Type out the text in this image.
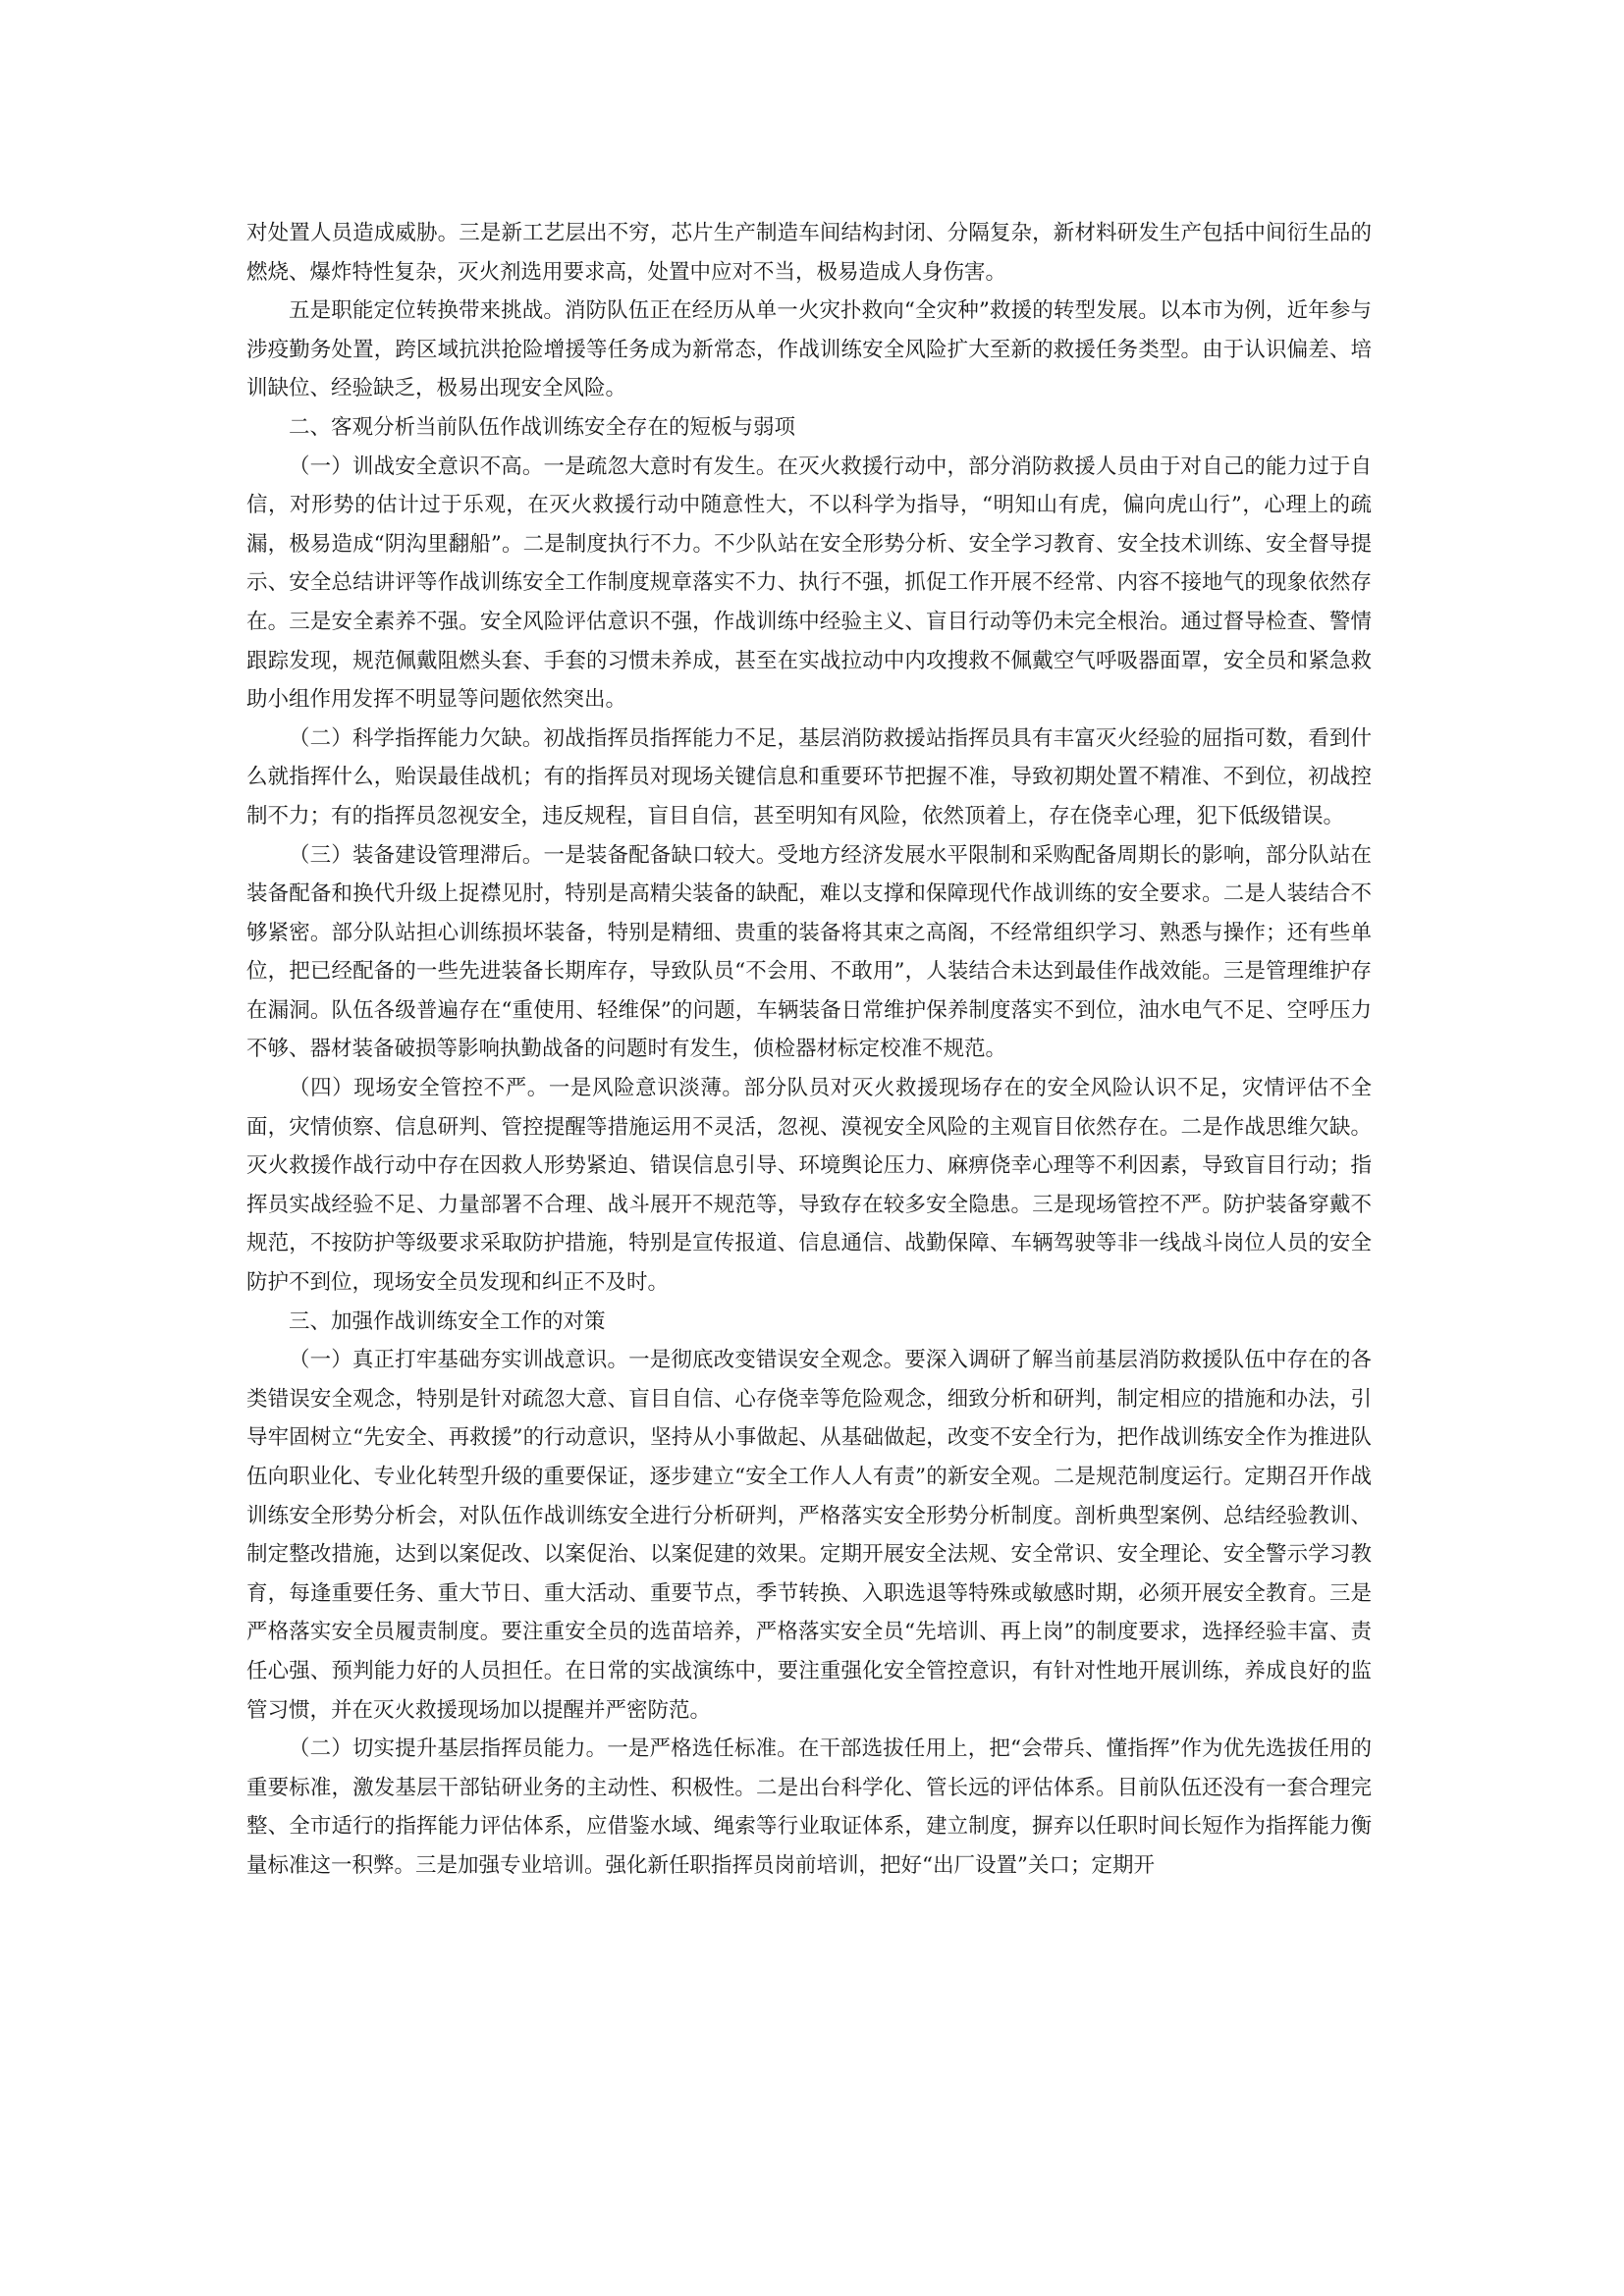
对处置人员造成威胁。三是新工艺层出不穷，芯片生产制造车间结构封闭、分隔复杂，新材料研发生产包括中间衍生品的燃烧、爆炸特性复杂，灭火剂选用要求高，处置中应对不当，极易造成人身伤害。

五是职能定位转换带来挑战。消防队伍正在经历从单一火灾扑救向“全灾种”救援的转型发展。以本市为例，近年参与涉疫勤务处置，跨区域抗洪抢险增援等任务成为新常态，作战训练安全风险扩大至新的救援任务类型。由于认识偏差、培训缺位、经验缺乏，极易出现安全风险。

二、客观分析当前队伍作战训练安全存在的短板与弱项

（一）训战安全意识不高。一是疏忽大意时有发生。在灭火救援行动中，部分消防救援人员由于对自己的能力过于自信，对形势的估计过于乐观，在灭火救援行动中随意性大，不以科学为指导，“明知山有虎，偏向虎山行”，心理上的疏漏，极易造成“阴沟里翻船”。二是制度执行不力。不少队站在安全形势分析、安全学习教育、安全技术训练、安全督导提示、安全总结讲评等作战训练安全工作制度规章落实不力、执行不强，抓促工作开展不经常、内容不接地气的现象依然存在。三是安全素养不强。安全风险评估意识不强，作战训练中经验主义、盲目行动等仍未完全根治。通过督导检查、警情跟踪发现，规范佩戴阻燃头套、手套的习惯未养成，甚至在实战拉动中内攻搜救不佩戴空气呼吸器面罩，安全员和紧急救助小组作用发挥不明显等问题依然突出。

（二）科学指挥能力欠缺。初战指挥员指挥能力不足，基层消防救援站指挥员具有丰富灭火经验的屈指可数，看到什么就指挥什么，贻误最佳战机；有的指挥员对现场关键信息和重要环节把握不准，导致初期处置不精准、不到位，初战控制不力；有的指挥员忽视安全，违反规程，盲目自信，甚至明知有风险，依然顶着上，存在侥幸心理，犯下低级错误。

（三）装备建设管理滞后。一是装备配备缺口较大。受地方经济发展水平限制和采购配备周期长的影响，部分队站在装备配备和换代升级上捉襟见肘，特别是高精尖装备的缺配，难以支撑和保障现代作战训练的安全要求。二是人装结合不够紧密。部分队站担心训练损坏装备，特别是精细、贵重的装备将其束之高阁，不经常组织学习、熟悉与操作；还有些单位，把已经配备的一些先进装备长期库存，导致队员“不会用、不敢用”，人装结合未达到最佳作战效能。三是管理维护存在漏洞。队伍各级普遍存在“重使用、轻维保”的问题，车辆装备日常维护保养制度落实不到位，油水电气不足、空呼压力不够、器材装备破损等影响执勤战备的问题时有发生，侦检器材标定校准不规范。

（四）现场安全管控不严。一是风险意识淡薄。部分队员对灭火救援现场存在的安全风险认识不足，灾情评估不全面，灾情侦察、信息研判、管控提醒等措施运用不灵活，忽视、漠视安全风险的主观盲目依然存在。二是作战思维欠缺。灭火救援作战行动中存在因救人形势紧迫、错误信息引导、环境舆论压力、麻痹侥幸心理等不利因素，导致盲目行动；指挥员实战经验不足、力量部署不合理、战斗展开不规范等，导致存在较多安全隐患。三是现场管控不严。防护装备穿戴不规范，不按防护等级要求采取防护措施，特别是宣传报道、信息通信、战勤保障、车辆驾驶等非一线战斗岗位人员的安全防护不到位，现场安全员发现和纠正不及时。

三、加强作战训练安全工作的对策

（一）真正打牢基础夯实训战意识。一是彻底改变错误安全观念。要深入调研了解当前基层消防救援队伍中存在的各类错误安全观念，特别是针对疏忽大意、盲目自信、心存侥幸等危险观念，细致分析和研判，制定相应的措施和办法，引导牢固树立“先安全、再救援”的行动意识，坚持从小事做起、从基础做起，改变不安全行为，把作战训练安全作为推进队伍向职业化、专业化转型升级的重要保证，逐步建立“安全工作人人有责”的新安全观。二是规范制度运行。定期召开作战训练安全形势分析会，对队伍作战训练安全进行分析研判，严格落实安全形势分析制度。剖析典型案例、总结经验教训、制定整改措施，达到以案促改、以案促治、以案促建的效果。定期开展安全法规、安全常识、安全理论、安全警示学习教育，每逢重要任务、重大节日、重大活动、重要节点，季节转换、入职选退等特殊或敏感时期，必须开展安全教育。三是严格落实安全员履责制度。要注重安全员的选苗培养，严格落实安全员“先培训、再上岗”的制度要求，选择经验丰富、责任心强、预判能力好的人员担任。在日常的实战演练中，要注重强化安全管控意识，有针对性地开展训练，养成良好的监管习惯，并在灭火救援现场加以提醒并严密防范。

（二）切实提升基层指挥员能力。一是严格选任标准。在干部选拔任用上，把“会带兵、懂指挥”作为优先选拔任用的重要标准，激发基层干部钻研业务的主动性、积极性。二是出台科学化、管长远的评估体系。目前队伍还没有一套合理完整、全市适行的指挥能力评估体系，应借鉴水域、绳索等行业取证体系，建立制度，摒弃以任职时间长短作为指挥能力衡量标准这一积弊。三是加强专业培训。强化新任职指挥员岗前培训，把好“出厂设置”关口；定期开
